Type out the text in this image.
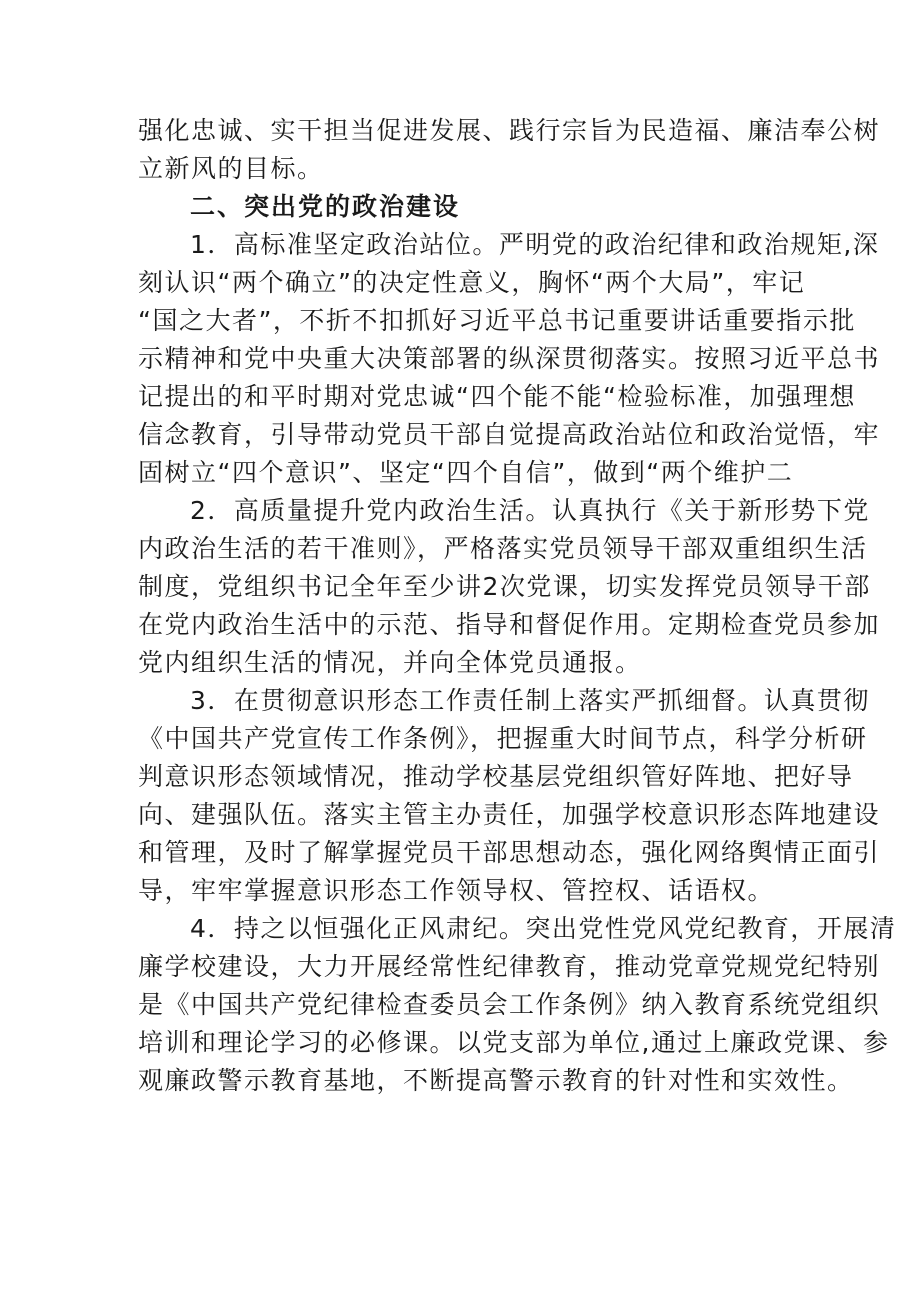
强化忠诚、实干担当促进发展、践行宗旨为民造福、廉洁奉公树
立新风的目标。
二、突出党的政治建设
1．高标准坚定政治站位。严明党的政治纪律和政治规矩,深
刻认识“两个确立”的决定性意义，胸怀“两个大局”，牢记
“国之大者”，不折不扣抓好习近平总书记重要讲话重要指示批
示精神和党中央重大决策部署的纵深贯彻落实。按照习近平总书
记提出的和平时期对党忠诚“四个能不能“检验标准，加强理想
信念教育，引导带动党员干部自觉提高政治站位和政治觉悟，牢
固树立“四个意识”、坚定“四个自信”，做到“两个维护二
2．高质量提升党内政治生活。认真执行《关于新形势下党
内政治生活的若干准则》，严格落实党员领导干部双重组织生活
制度，党组织书记全年至少讲2次党课，切实发挥党员领导干部
在党内政治生活中的示范、指导和督促作用。定期检查党员参加
党内组织生活的情况，并向全体党员通报。
3．在贯彻意识形态工作责任制上落实严抓细督。认真贯彻
《中国共产党宣传工作条例》，把握重大时间节点，科学分析研
判意识形态领域情况，推动学校基层党组织管好阵地、把好导
向、建强队伍。落实主管主办责任，加强学校意识形态阵地建设
和管理，及时了解掌握党员干部思想动态，强化网络舆情正面引
导，牢牢掌握意识形态工作领导权、管控权、话语权。
4．持之以恒强化正风肃纪。突出党性党风党纪教育，开展清
廉学校建设，大力开展经常性纪律教育，推动党章党规党纪特别
是《中国共产党纪律检查委员会工作条例》纳入教育系统党组织
培训和理论学习的必修课。以党支部为单位,通过上廉政党课、参
观廉政警示教育基地，不断提高警示教育的针对性和实效性。
